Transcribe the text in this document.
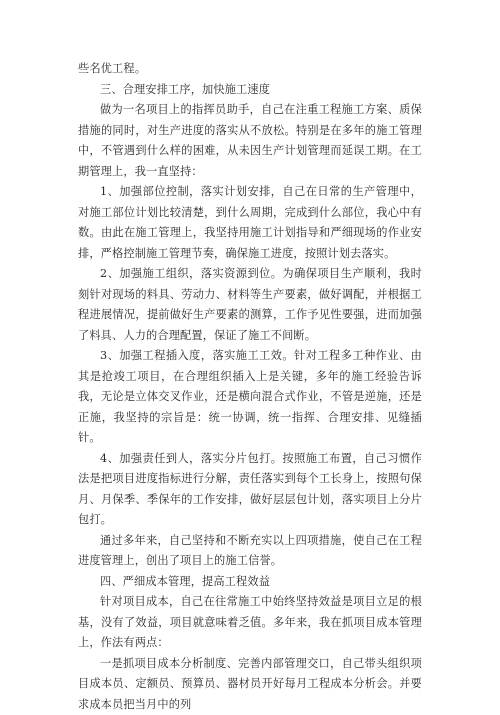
些名优工程。

三、合理安排工序，加快施工速度

做为一名项目上的指挥员助手，自己在注重工程施工方案、质保措施的同时，对生产进度的落实从不放松。特别是在多年的施工管理中，不管遇到什么样的困难，从未因生产计划管理而延误工期。在工期管理上，我一直坚持：

1、加强部位控制，落实计划安排，自己在日常的生产管理中，对施工部位计划比较清楚，到什么周期，完成到什么部位，我心中有数。由此在施工管理上，我坚持用施工计划指导和严细现场的作业安排，严格控制施工管理节奏，确保施工进度，按照计划去落实。

2、加强施工组织，落实资源到位。为确保项目生产顺利，我时刻针对现场的料具、劳动力、材料等生产要素，做好调配，并根据工程进展情况，提前做好生产要素的测算，工作予见性要强，进而加强了料具、人力的合理配置，保证了施工不间断。

3、加强工程插入度，落实施工工效。针对工程多工种作业、由其是抢竣工项目，在合理组织插入上是关键，多年的施工经验告诉我，无论是立体交叉作业，还是横向混合式作业，不管是逆施，还是正施，我坚持的宗旨是：统一协调，统一指挥、合理安排、见缝插针。

4、加强责任到人，落实分片包打。按照施工布置，自己习惯作法是把项目进度指标进行分解，责任落实到每个工长身上，按照句保月、月保季、季保年的工作安排，做好层层包计划，落实项目上分片包打。

通过多年来，自己坚持和不断充实以上四项措施，使自己在工程进度管理上，创出了项目上的施工信誉。

四、严细成本管理，提高工程效益

针对项目成本，自己在往常施工中始终坚持效益是项目立足的根基，没有了效益，项目就意味着乏值。多年来，我在抓项目成本管理上，作法有两点：

一是抓项目成本分析制度、完善内部管理交口，自己带头组织项目成本员、定额员、预算员、器材员开好每月工程成本分析会。并要求成本员把当月中的列
